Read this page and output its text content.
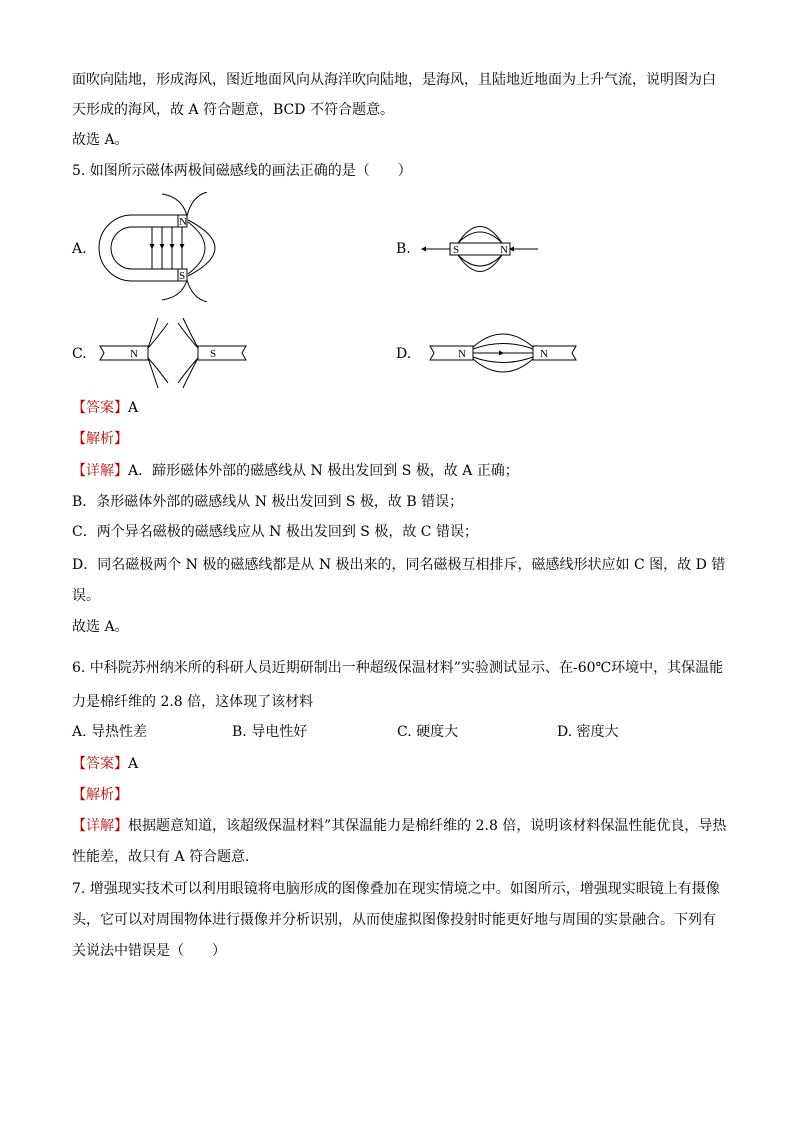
面吹向陆地，形成海风，图近地面风向从海洋吹向陆地，是海风，且陆地近地面为上升气流，说明图为白
天形成的海风，故 A 符合题意，BCD 不符合题意。
故选 A。
5. 如图所示磁体两极间磁感线的画法正确的是（　　）
A.	B.
C.	D.
N
S
S	N
N	S	N	N
【答案】A
【解析】
【详解】A．蹄形磁体外部的磁感线从 N 极出发回到 S 极，故 A 正确；
B．条形磁体外部的磁感线从 N 极出发回到 S 极，故 B 错误；
C．两个异名磁极的磁感线应从 N 极出发回到 S 极，故 C 错误；
D．同名磁极两个 N 极的磁感线都是从 N 极出来的，同名磁极互相排斥，磁感线形状应如 C 图，故 D 错
误。
故选 A。
6. 中科院苏州纳米所的科研人员近期研制出一种超级保温材料”实验测试显示、在-60℃环境中，其保温能
力是棉纤维的 2.8 倍，这体现了该材料
A. 导热性差	B. 导电性好	C. 硬度大	D. 密度大
【答案】A
【解析】
【详解】根据题意知道，该超级保温材料”其保温能力是棉纤维的 2.8 倍，说明该材料保温性能优良，导热
性能差，故只有 A 符合题意．
7. 增强现实技术可以利用眼镜将电脑形成的图像叠加在现实情境之中。如图所示，增强现实眼镜上有摄像
头，它可以对周围物体进行摄像并分析识别，从而使虚拟图像投射时能更好地与周围的实景融合。下列有
关说法中错误是（　　）
